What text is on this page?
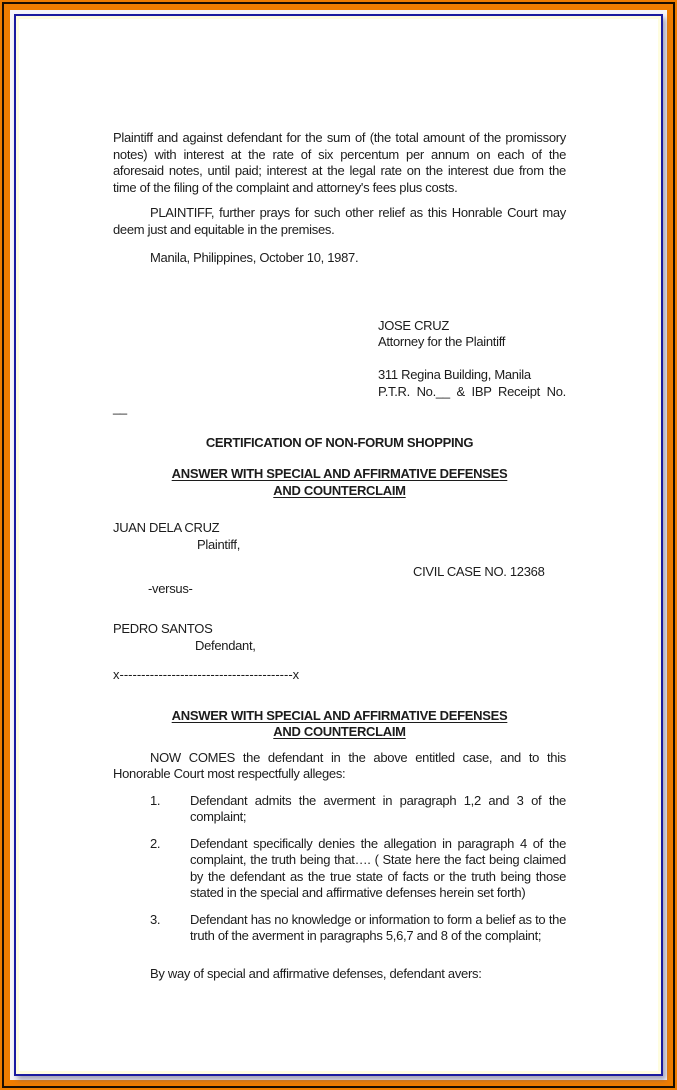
Plaintiff and against defendant for the sum of (the total amount of the promissory notes) with interest at the rate of six percentum per annum on each of the aforesaid notes, until paid; interest at the legal rate on the interest due from the time of the filing of the complaint and attorney's fees plus costs.

PLAINTIFF, further prays for such other relief as this Honrable Court may deem just and equitable in the premises.

Manila, Philippines, October 10, 1987.

JOSE CRUZ
Attorney for the Plaintiff
311 Regina Building, Manila
P.T.R. No.__ & IBP Receipt No.
__

CERTIFICATION OF NON-FORUM SHOPPING

ANSWER WITH SPECIAL AND AFFIRMATIVE DEFENSES
AND COUNTERCLAIM

JUAN DELA CRUZ
Plaintiff,
CIVIL CASE NO. 12368
-versus-
PEDRO SANTOS
Defendant,
x----------------------------------------x

ANSWER WITH SPECIAL AND AFFIRMATIVE DEFENSES
AND COUNTERCLAIM

NOW COMES the defendant in the above entitled case, and to this Honorable Court most respectfully alleges:

1.	Defendant admits the averment in paragraph 1,2 and 3 of the complaint;
2.	Defendant specifically denies the allegation in paragraph 4 of the complaint, the truth being that…. ( State here the fact being claimed by the defendant as the true state of facts or the truth being those stated in the special and affirmative defenses herein set forth)
3.	Defendant has no knowledge or information to form a belief as to the truth of the averment in paragraphs 5,6,7 and 8 of the complaint;

By way of special and affirmative defenses, defendant avers:
